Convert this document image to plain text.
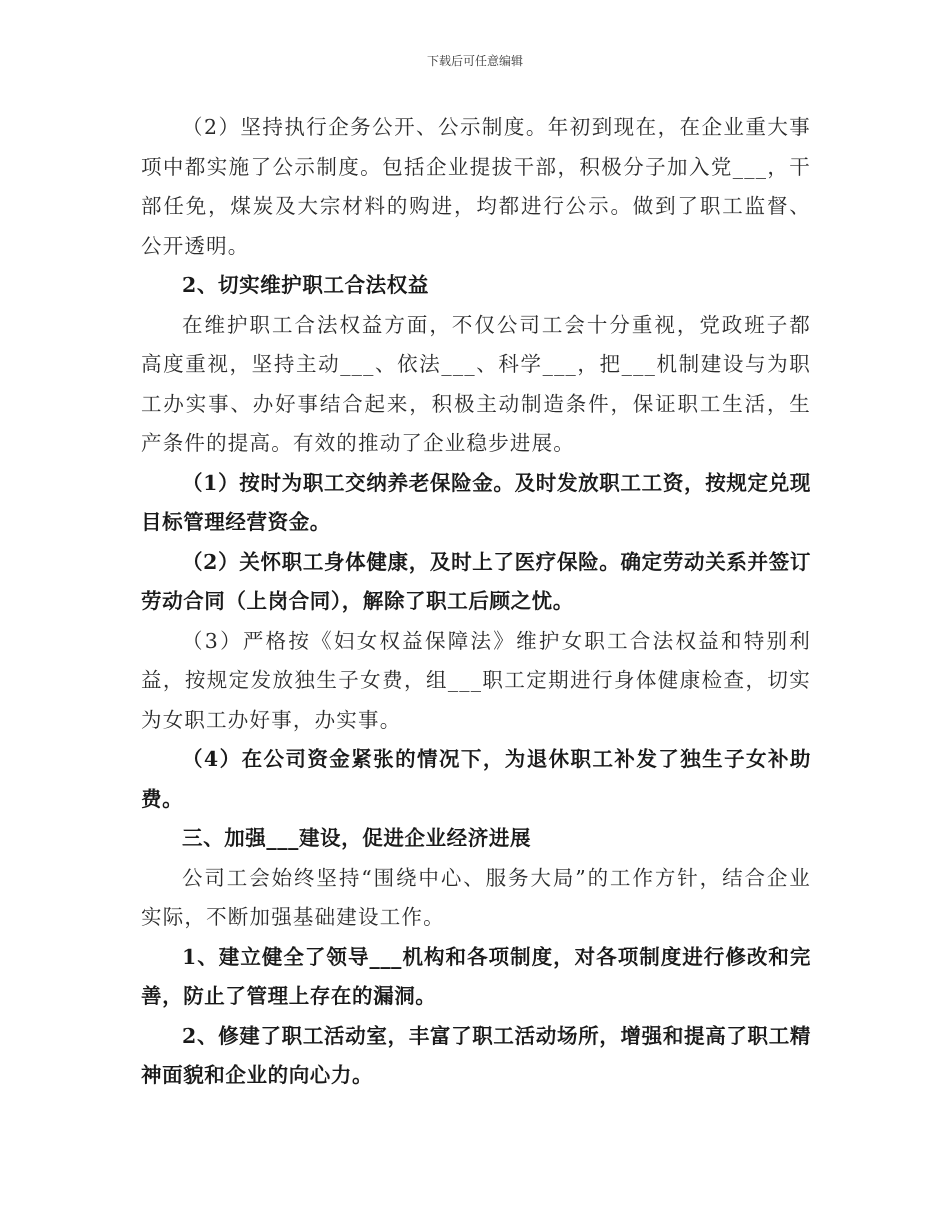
下载后可任意编辑

（2）坚持执行企务公开、公示制度。年初到现在，在企业重大事项中都实施了公示制度。包括企业提拔干部，积极分子加入党___，干部任免，煤炭及大宗材料的购进，均都进行公示。做到了职工监督、公开透明。

2、切实维护职工合法权益

在维护职工合法权益方面，不仅公司工会十分重视，党政班子都高度重视，坚持主动___、依法___、科学___，把___机制建设与为职工办实事、办好事结合起来，积极主动制造条件，保证职工生活，生产条件的提高。有效的推动了企业稳步进展。

（1）按时为职工交纳养老保险金。及时发放职工工资，按规定兑现目标管理经营资金。

（2）关怀职工身体健康，及时上了医疗保险。确定劳动关系并签订劳动合同（上岗合同），解除了职工后顾之忧。

（3）严格按《妇女权益保障法》维护女职工合法权益和特别利益，按规定发放独生子女费，组___职工定期进行身体健康检查，切实为女职工办好事，办实事。

（4）在公司资金紧张的情况下，为退休职工补发了独生子女补助费。

三、加强___建设，促进企业经济进展

公司工会始终坚持“围绕中心、服务大局”的工作方针，结合企业实际，不断加强基础建设工作。

1、建立健全了领导___机构和各项制度，对各项制度进行修改和完善，防止了管理上存在的漏洞。

2、修建了职工活动室，丰富了职工活动场所，增强和提高了职工精神面貌和企业的向心力。
